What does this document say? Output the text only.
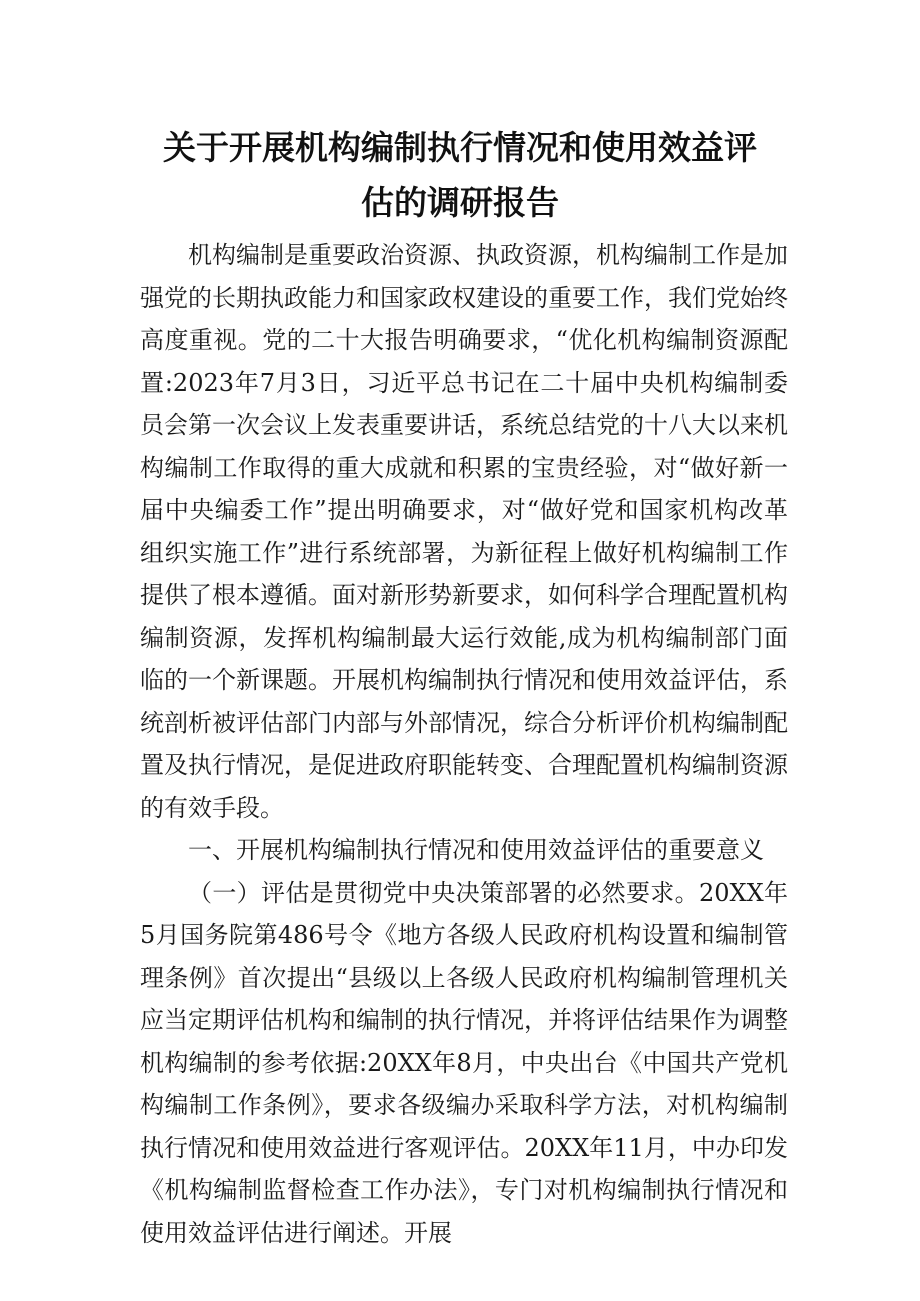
关于开展机构编制执行情况和使用效益评
估的调研报告

机构编制是重要政治资源、执政资源，机构编制工作是加强党的长期执政能力和国家政权建设的重要工作，我们党始终高度重视。党的二十大报告明确要求，“优化机构编制资源配置:2023年7月3日，习近平总书记在二十届中央机构编制委员会第一次会议上发表重要讲话，系统总结党的十八大以来机构编制工作取得的重大成就和积累的宝贵经验，对“做好新一届中央编委工作”提出明确要求，对“做好党和国家机构改革组织实施工作”进行系统部署，为新征程上做好机构编制工作提供了根本遵循。面对新形势新要求，如何科学合理配置机构编制资源，发挥机构编制最大运行效能,成为机构编制部门面临的一个新课题。开展机构编制执行情况和使用效益评估，系统剖析被评估部门内部与外部情况，综合分析评价机构编制配置及执行情况，是促进政府职能转变、合理配置机构编制资源的有效手段。

一、开展机构编制执行情况和使用效益评估的重要意义

（一）评估是贯彻党中央决策部署的必然要求。20XX年5月国务院第486号令《地方各级人民政府机构设置和编制管理条例》首次提出“县级以上各级人民政府机构编制管理机关应当定期评估机构和编制的执行情况，并将评估结果作为调整机构编制的参考依据:20XX年8月，中央出台《中国共产党机构编制工作条例》，要求各级编办采取科学方法，对机构编制执行情况和使用效益进行客观评估。20XX年11月，中办印发《机构编制监督检查工作办法》，专门对机构编制执行情况和使用效益评估进行阐述。开展
